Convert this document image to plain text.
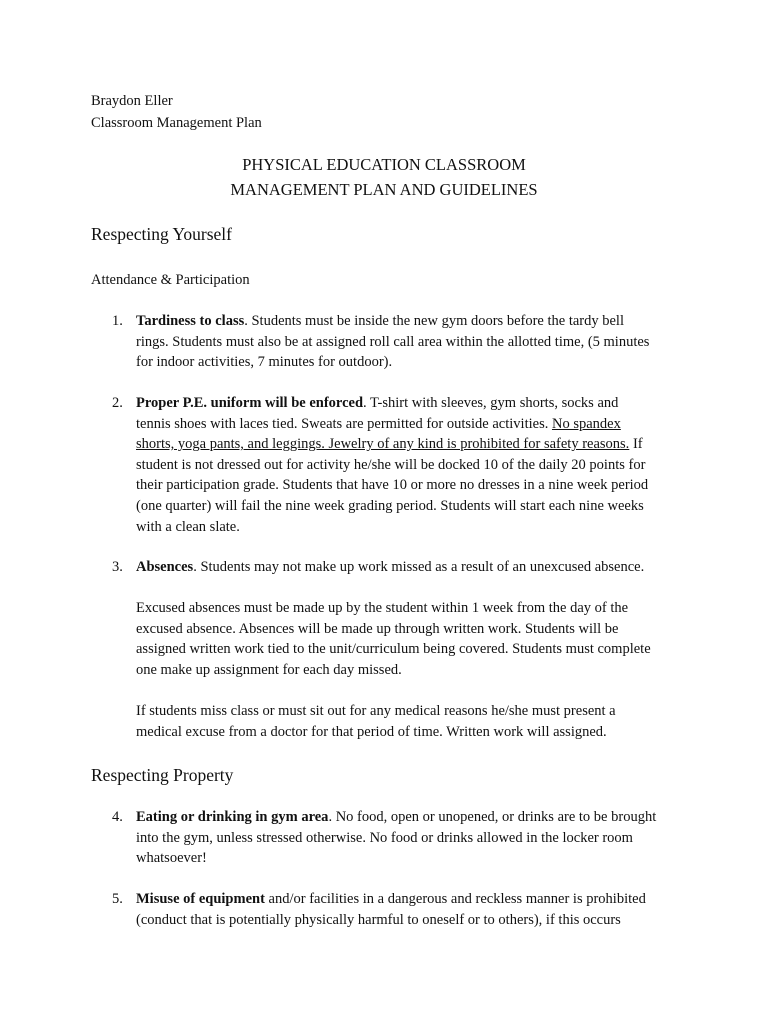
Braydon Eller
Classroom Management Plan
PHYSICAL EDUCATION CLASSROOM
MANAGEMENT PLAN AND GUIDELINES
Respecting Yourself
Attendance & Participation
1. Tardiness to class. Students must be inside the new gym doors before the tardy bell
rings. Students must also be at assigned roll call area within the allotted time, (5 minutes
for indoor activities, 7 minutes for outdoor).
2. Proper P.E. uniform will be enforced. T-shirt with sleeves, gym shorts, socks and
tennis shoes with laces tied. Sweats are permitted for outside activities. No spandex
shorts, yoga pants, and leggings. Jewelry of any kind is prohibited for safety reasons. If
student is not dressed out for activity he/she will be docked 10 of the daily 20 points for
their participation grade. Students that have 10 or more no dresses in a nine week period
(one quarter) will fail the nine week grading period. Students will start each nine weeks
with a clean slate.
3. Absences. Students may not make up work missed as a result of an unexcused absence.
Excused absences must be made up by the student within 1 week from the day of the
excused absence. Absences will be made up through written work. Students will be
assigned written work tied to the unit/curriculum being covered. Students must complete
one make up assignment for each day missed.
If students miss class or must sit out for any medical reasons he/she must present a
medical excuse from a doctor for that period of time. Written work will assigned.
Respecting Property
4. Eating or drinking in gym area. No food, open or unopened, or drinks are to be brought
into the gym, unless stressed otherwise. No food or drinks allowed in the locker room
whatsoever!
5. Misuse of equipment and/or facilities in a dangerous and reckless manner is prohibited
(conduct that is potentially physically harmful to oneself or to others), if this occurs
